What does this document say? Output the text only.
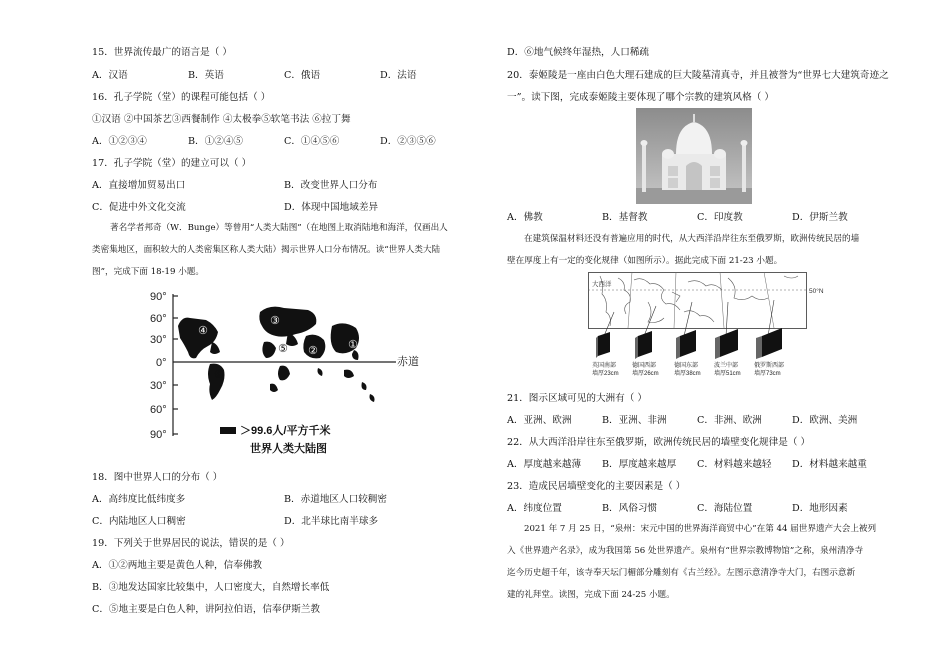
15．世界流传最广的语言是（ ）
A．汉语	B．英语	C．俄语	D．法语
16．孔子学院（堂）的课程可能包括（ ）
①汉语 ②中国茶艺③西餐制作 ④太极拳⑤软笔书法 ⑥拉丁舞
A．①②③④	B．①②④⑤	C．①④⑤⑥	D．②③⑤⑥
17．孔子学院（堂）的建立可以（ ）
A．直接增加贸易出口	B．改变世界人口分布
C．促进中外文化交流	D．体现中国地域差异
著名学者邦奇（W．Bunge）等曾用“人类大陆图”（在地图上取消陆地和海洋，仅画出人
类密集地区，面积较大的人类密集区称人类大陆）揭示世界人口分布情况。读“世界人类大陆
图”，完成下面 18-19 小题。
90°
60°
30°
0°
30°
60°
90°
赤道
①
②
③
④
⑤
⑥
＞99.6人/平方千米
世界人类大陆图
18．图中世界人口的分布（ ）
A．高纬度比低纬度多	B．赤道地区人口较稠密
C．内陆地区人口稠密	D．北半球比南半球多
19．下列关于世界居民的说法，错误的是（ ）
A．①②两地主要是黄色人种，信奉佛教
B．③地发达国家比较集中，人口密度大，自然增长率低
C．⑤地主要是白色人种，讲阿拉伯语，信奉伊斯兰教
D．⑥地气候终年湿热，人口稀疏
20．泰姬陵是一座由白色大理石建成的巨大陵墓清真寺，并且被誉为“世界七大建筑奇迹之
一”。读下图，完成泰姬陵主要体现了哪个宗教的建筑风格（ ）
A．佛教	B．基督教	C．印度教	D．伊斯兰教
在建筑保温材料还没有普遍应用的时代，从大西洋沿岸往东至俄罗斯，欧洲传统民居的墙
壁在厚度上有一定的变化规律（如图所示）。据此完成下面 21-23 小题。
大西洋
50°N
英国南部
墙厚23cm
德国西部
墙厚26cm
德国东部
墙厚38cm
波兰中部
墙厚51cm
俄罗斯西部
墙厚73cm
21．图示区域可见的大洲有（ ）
A．亚洲、欧洲	B．亚洲、非洲	C．非洲、欧洲	D．欧洲、美洲
22．从大西洋沿岸往东至俄罗斯，欧洲传统民居的墙壁变化规律是（ ）
A．厚度越来越薄 B．厚度越来越厚 C．材料越来越轻 D．材料越来越重
23．造成民居墙壁变化的主要因素是（ ）
A．纬度位置	B．风俗习惯	C．海陆位置	D．地形因素
2021 年 7 月 25 日，“泉州：宋元中国的世界海洋商贸中心”在第 44 届世界遗产大会上被列
入《世界遗产名录》，成为我国第 56 处世界遗产。泉州有“世界宗教博物馆”之称，泉州清净寺
迄今历史超千年，该寺奉天坛门楣部分雕刻有《古兰经》。左图示意清净寺大门，右图示意新
建的礼拜堂。读图，完成下面 24-25 小题。
